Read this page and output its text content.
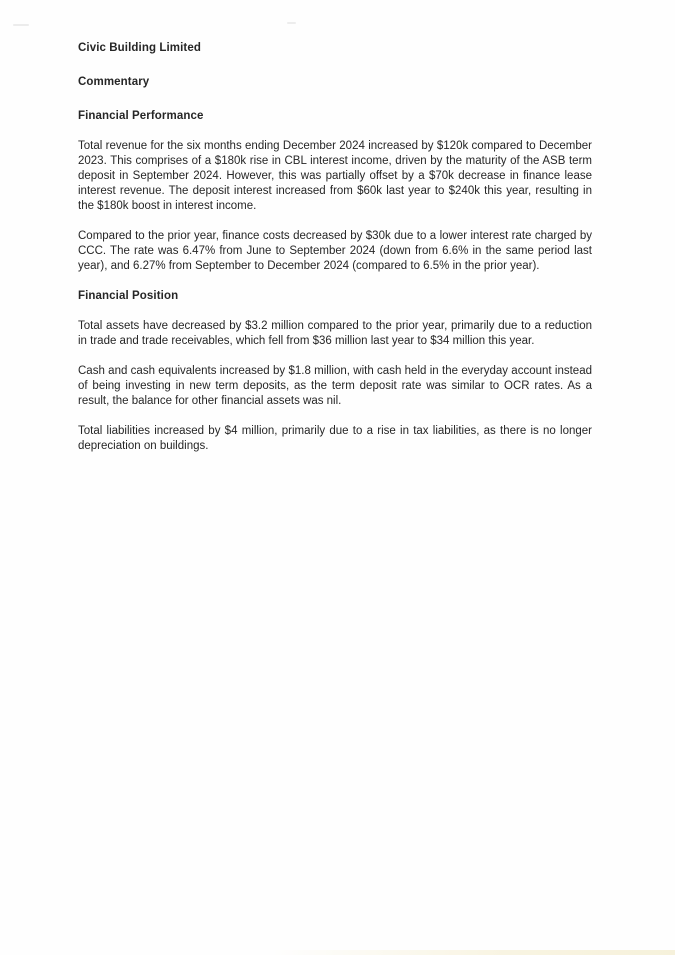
Civic Building Limited
Commentary
Financial Performance

Total revenue for the six months ending December 2024 increased by $120k compared to December 2023. This comprises of a $180k rise in CBL interest income, driven by the maturity of the ASB term deposit in September 2024. However, this was partially offset by a $70k decrease in finance lease interest revenue. The deposit interest increased from $60k last year to $240k this year, resulting in the $180k boost in interest income.

Compared to the prior year, finance costs decreased by $30k due to a lower interest rate charged by CCC. The rate was 6.47% from June to September 2024 (down from 6.6% in the same period last year), and 6.27% from September to December 2024 (compared to 6.5% in the prior year).

Financial Position

Total assets have decreased by $3.2 million compared to the prior year, primarily due to a reduction in trade and trade receivables, which fell from $36 million last year to $34 million this year.

Cash and cash equivalents increased by $1.8 million, with cash held in the everyday account instead of being investing in new term deposits, as the term deposit rate was similar to OCR rates. As a result, the balance for other financial assets was nil.

Total liabilities increased by $4 million, primarily due to a rise in tax liabilities, as there is no longer depreciation on buildings.
